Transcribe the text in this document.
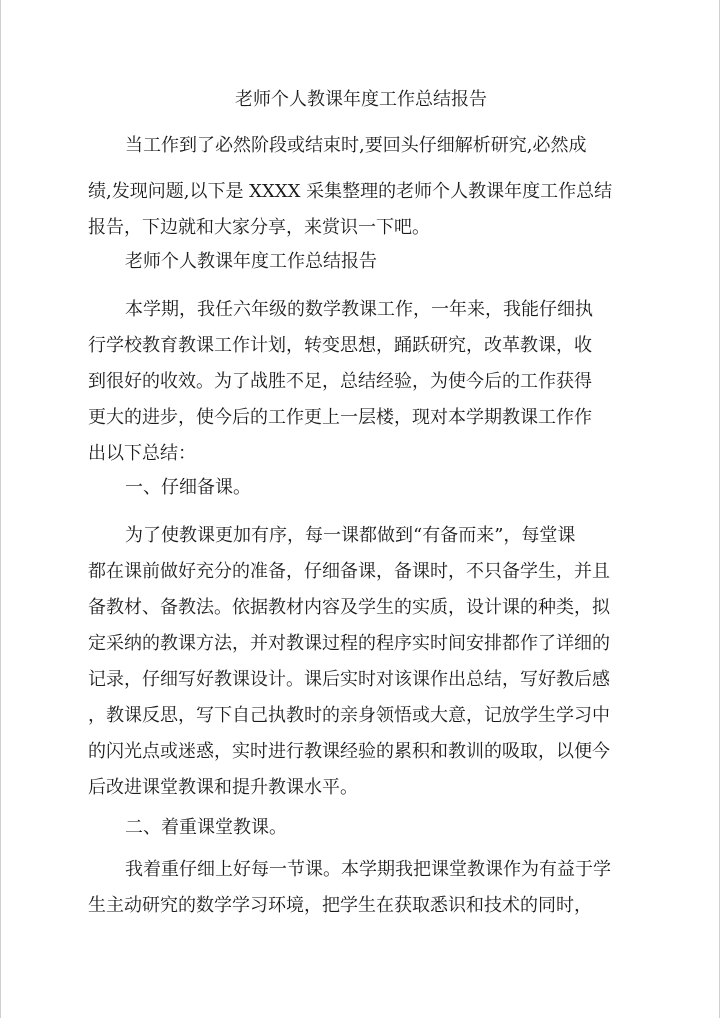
老师个人教课年度工作总结报告
当工作到了必然阶段或结束时,要回头仔细解析研究,必然成
绩,发现问题,以下是 XXXX 采集整理的老师个人教课年度工作总结
报告，下边就和大家分享，来赏识一下吧。
老师个人教课年度工作总结报告
本学期，我任六年级的数学教课工作，一年来，我能仔细执
行学校教育教课工作计划，转变思想，踊跃研究，改革教课，收
到很好的收效。为了战胜不足，总结经验，为使今后的工作获得
更大的进步，使今后的工作更上一层楼，现对本学期教课工作作
出以下总结：
一、仔细备课。
为了使教课更加有序，每一课都做到“有备而来”，每堂课
都在课前做好充分的准备，仔细备课，备课时，不只备学生，并且
备教材、备教法。依据教材内容及学生的实质，设计课的种类，拟
定采纳的教课方法，并对教课过程的程序实时间安排都作了详细的
记录，仔细写好教课设计。课后实时对该课作出总结，写好教后感
，教课反思，写下自己执教时的亲身领悟或大意，记放学生学习中
的闪光点或迷惑，实时进行教课经验的累积和教训的吸取，以便今
后改进课堂教课和提升教课水平。
二、着重课堂教课。
我着重仔细上好每一节课。本学期我把课堂教课作为有益于学
生主动研究的数学学习环境，把学生在获取悉识和技术的同时，
